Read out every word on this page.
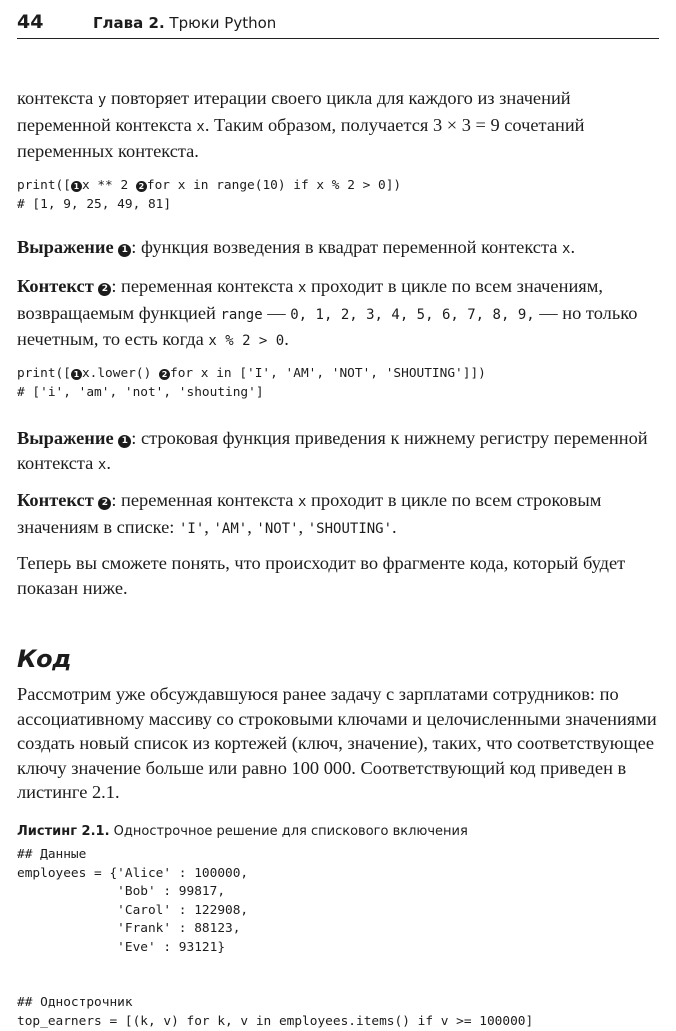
44	Глава 2. Трюки Python

контекста y повторяет итерации своего цикла для каждого из значений переменной контекста x. Таким образом, получается 3 × 3 = 9 сочетаний переменных контекста.

print([ 1 x ** 2 2 for x in range(10) if x % 2 > 0])
# [1, 9, 25, 49, 81]

Выражение 1 : функция возведения в квадрат переменной контекста x.

Контекст 2 : переменная контекста x проходит в цикле по всем значениям, возвращаемым функцией range — 0, 1, 2, 3, 4, 5, 6, 7, 8, 9, — но только нечетным, то есть когда x % 2 > 0.

print([ 1 x.lower() 2 for x in ['I', 'AM', 'NOT', 'SHOUTING']])
# ['i', 'am', 'not', 'shouting']

Выражение 1 : строковая функция приведения к нижнему регистру переменной контекста x.

Контекст 2 : переменная контекста x проходит в цикле по всем строковым значениям в списке: 'I', 'AM', 'NOT', 'SHOUTING'.

Теперь вы сможете понять, что происходит во фрагменте кода, который будет показан ниже.

Код

Рассмотрим уже обсуждавшуюся ранее задачу с зарплатами сотрудников: по ассоциативному массиву со строковыми ключами и целочисленными значениями создать новый список из кортежей (ключ, значение), таких, что соответствующее ключу значение больше или равно 100 000. Соответствующий код приведен в листинге 2.1.

Листинг 2.1. Однострочное решение для спискового включения

## Данные
employees = {'Alice' : 100000,
'Bob' : 99817,
'Carol' : 122908,
'Frank' : 88123,
'Eve' : 93121}

## Однострочник
top_earners = [(k, v) for k, v in employees.items() if v >= 100000]
